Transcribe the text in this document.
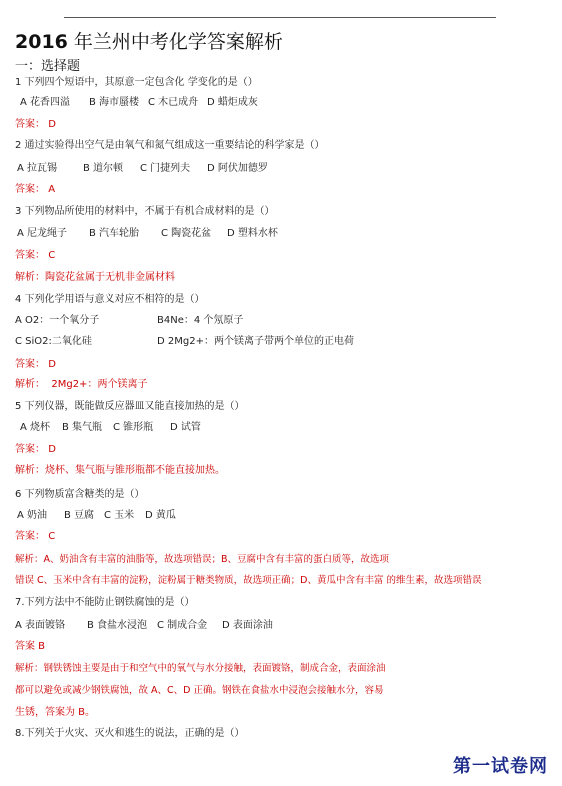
2016 年兰州中考化学答案解析
一：选择题
1 下列四个短语中，其原意一定包含化 学变化的是（）
A 花香四溢 B 海市蜃楼 C 木已成舟 D 蜡炬成灰
答案： D
2 通过实验得出空气是由氧气和氮气组成这一重要结论的科学家是（）
A 拉瓦锡	B 道尔顿 C 门捷列夫 D 阿伏加德罗
答案： A
3 下列物品所使用的材料中，不属于有机合成材料的是（）
A 尼龙绳子 B 汽车轮胎 C 陶瓷花盆 D 塑料水杯
答案： C
解析：陶瓷花盆属于无机非金属材料
4 下列化学用语与意义对应不相符的是（）
A O2：一个氧分子	B4Ne：4 个氖原子
C SiO2:二氧化硅	D 2Mg2+：两个镁离子带两个单位的正电荷
答案： D
解析： 2Mg2+：两个镁离子
5 下列仪器，既能做反应器皿又能直接加热的是（）
A 烧杯 B 集气瓶 C 锥形瓶 D 试管
答案： D
解析：烧杯、集气瓶与锥形瓶都不能直接加热。
6 下列物质富含糖类的是（）
A 奶油 B 豆腐 C 玉米 D 黄瓜
答案： C
解析：A、奶油含有丰富的油脂等，故选项错误；B、豆腐中含有丰富的蛋白质等，故选项
错误 C、玉米中含有丰富的淀粉，淀粉属于糖类物质，故选项正确；D、黄瓜中含有丰富 的维生素，故选项错误
7.下列方法中不能防止钢铁腐蚀的是（）
A 表面镀铬 B 食盐水浸泡 C 制成合金 D 表面涂油
答案 B
解析：钢铁锈蚀主要是由于和空气中的氧气与水分接触，表面镀铬，制成合金，表面涂油
都可以避免或减少钢铁腐蚀，故 A、C、D 正确。钢铁在食盐水中浸泡会接触水分，容易
生锈，答案为 B。
8.下列关于火灾、灭火和逃生的说法，正确的是（）
第一试卷网
